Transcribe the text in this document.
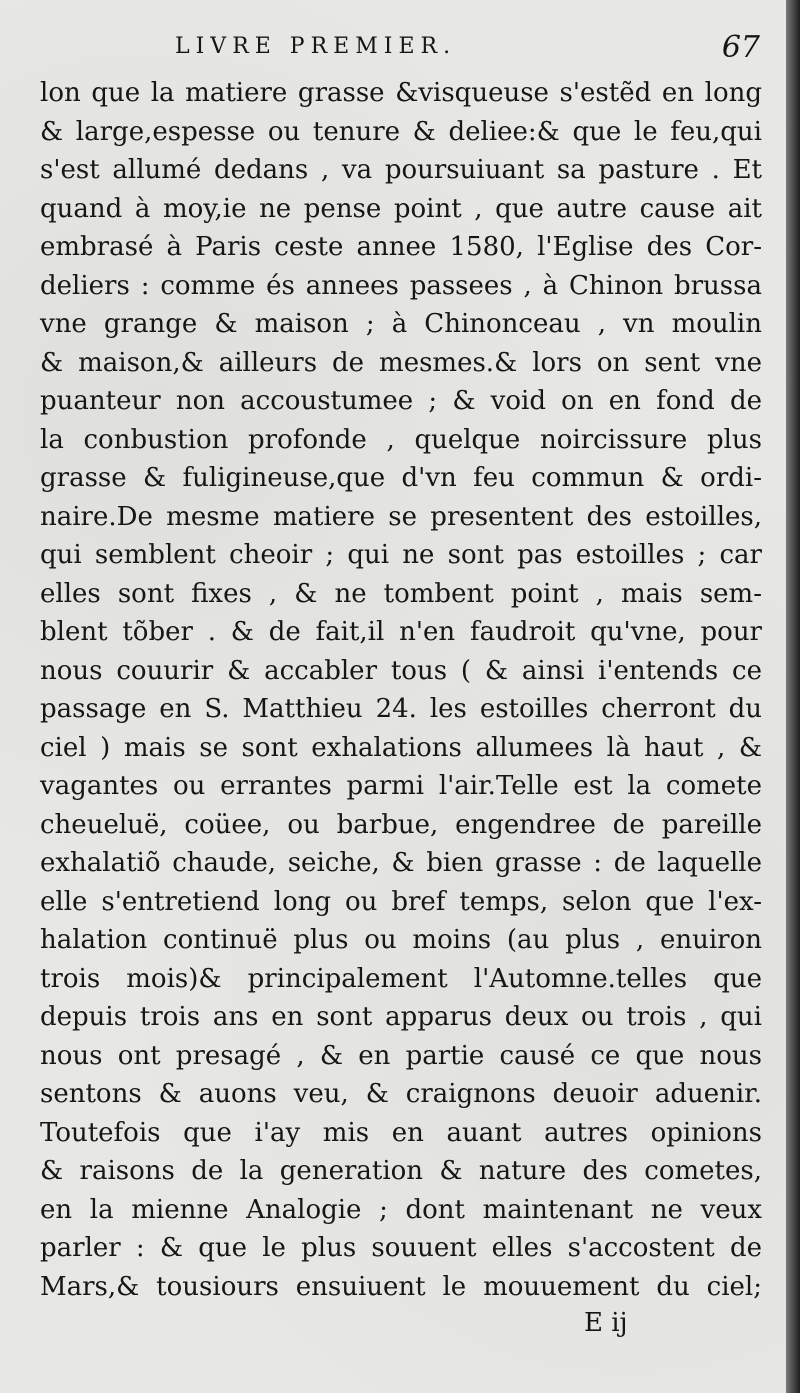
LIVRE PREMIER.	67
lon que la matiere grasse &visqueuse s'estẽd en long
& large,espesse ou tenure & deliee:& que le feu,qui
s'est allumé dedans , va poursuiuant sa pasture . Et
quand à moy,ie ne pense point , que autre cause ait
embrasé à Paris ceste annee 1580, l'Eglise des Cor-
deliers : comme és annees passees , à Chinon brussa
vne grange & maison ; à Chinonceau , vn moulin
& maison,& ailleurs de mesmes.& lors on sent vne
puanteur non accoustumee ; & void on en fond de
la conbustion profonde , quelque noircissure plus
grasse & fuligineuse,que d'vn feu commun & ordi-
naire.De mesme matiere se presentent des estoilles,
qui semblent cheoir ; qui ne sont pas estoilles ; car
elles sont fixes , & ne tombent point , mais sem-
blent tõber . & de fait,il n'en faudroit qu'vne, pour
nous couurir & accabler tous ( & ainsi i'entends ce
passage en S. Matthieu 24. les estoilles cherront du
ciel ) mais se sont exhalations allumees là haut , &
vagantes ou errantes parmi l'air.Telle est la comete
cheueluë, coüee, ou barbue, engendree de pareille
exhalatiõ chaude, seiche, & bien grasse : de laquelle
elle s'entretiend long ou bref temps, selon que l'ex-
halation continuë plus ou moins (au plus , enuiron
trois mois)& principalement l'Automne.telles que
depuis trois ans en sont apparus deux ou trois , qui
nous ont presagé , & en partie causé ce que nous
sentons & auons veu, & craignons deuoir aduenir.
Toutefois que i'ay mis en auant autres opinions
& raisons de la generation & nature des cometes,
en la mienne Analogie ; dont maintenant ne veux
parler : & que le plus souuent elles s'accostent de
Mars,& tousiours ensuiuent le mouuement du ciel;
E ij
